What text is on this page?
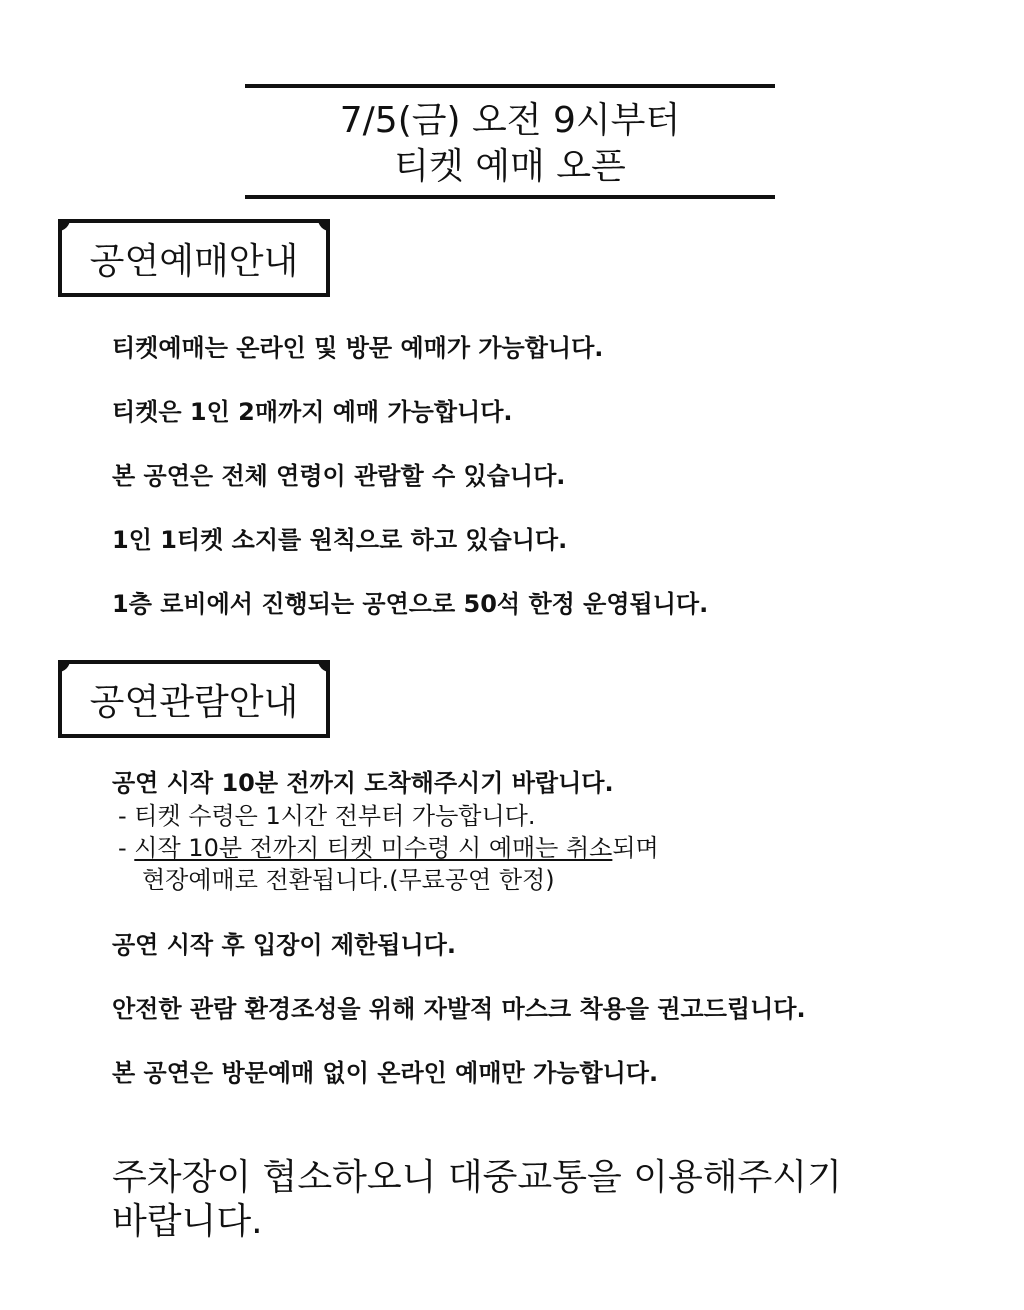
7/5(금) 오전 9시부터
티켓 예매 오픈
공연예매안내
티켓예매는 온라인 및 방문 예매가 가능합니다.
티켓은 1인 2매까지 예매 가능합니다.
본 공연은 전체 연령이 관람할 수 있습니다.
1인 1티켓 소지를 원칙으로 하고 있습니다.
1층 로비에서 진행되는 공연으로 50석 한정 운영됩니다.
공연관람안내
공연 시작 10분 전까지 도착해주시기 바랍니다.
- 티켓 수령은 1시간 전부터 가능합니다.
- 시작 10분 전까지 티켓 미수령 시 예매는 취소되며
현장예매로 전환됩니다.(무료공연 한정)
공연 시작 후 입장이 제한됩니다.
안전한 관람 환경조성을 위해 자발적 마스크 착용을 권고드립니다.
본 공연은 방문예매 없이 온라인 예매만 가능합니다.
주차장이 협소하오니 대중교통을 이용해주시기
바랍니다.
